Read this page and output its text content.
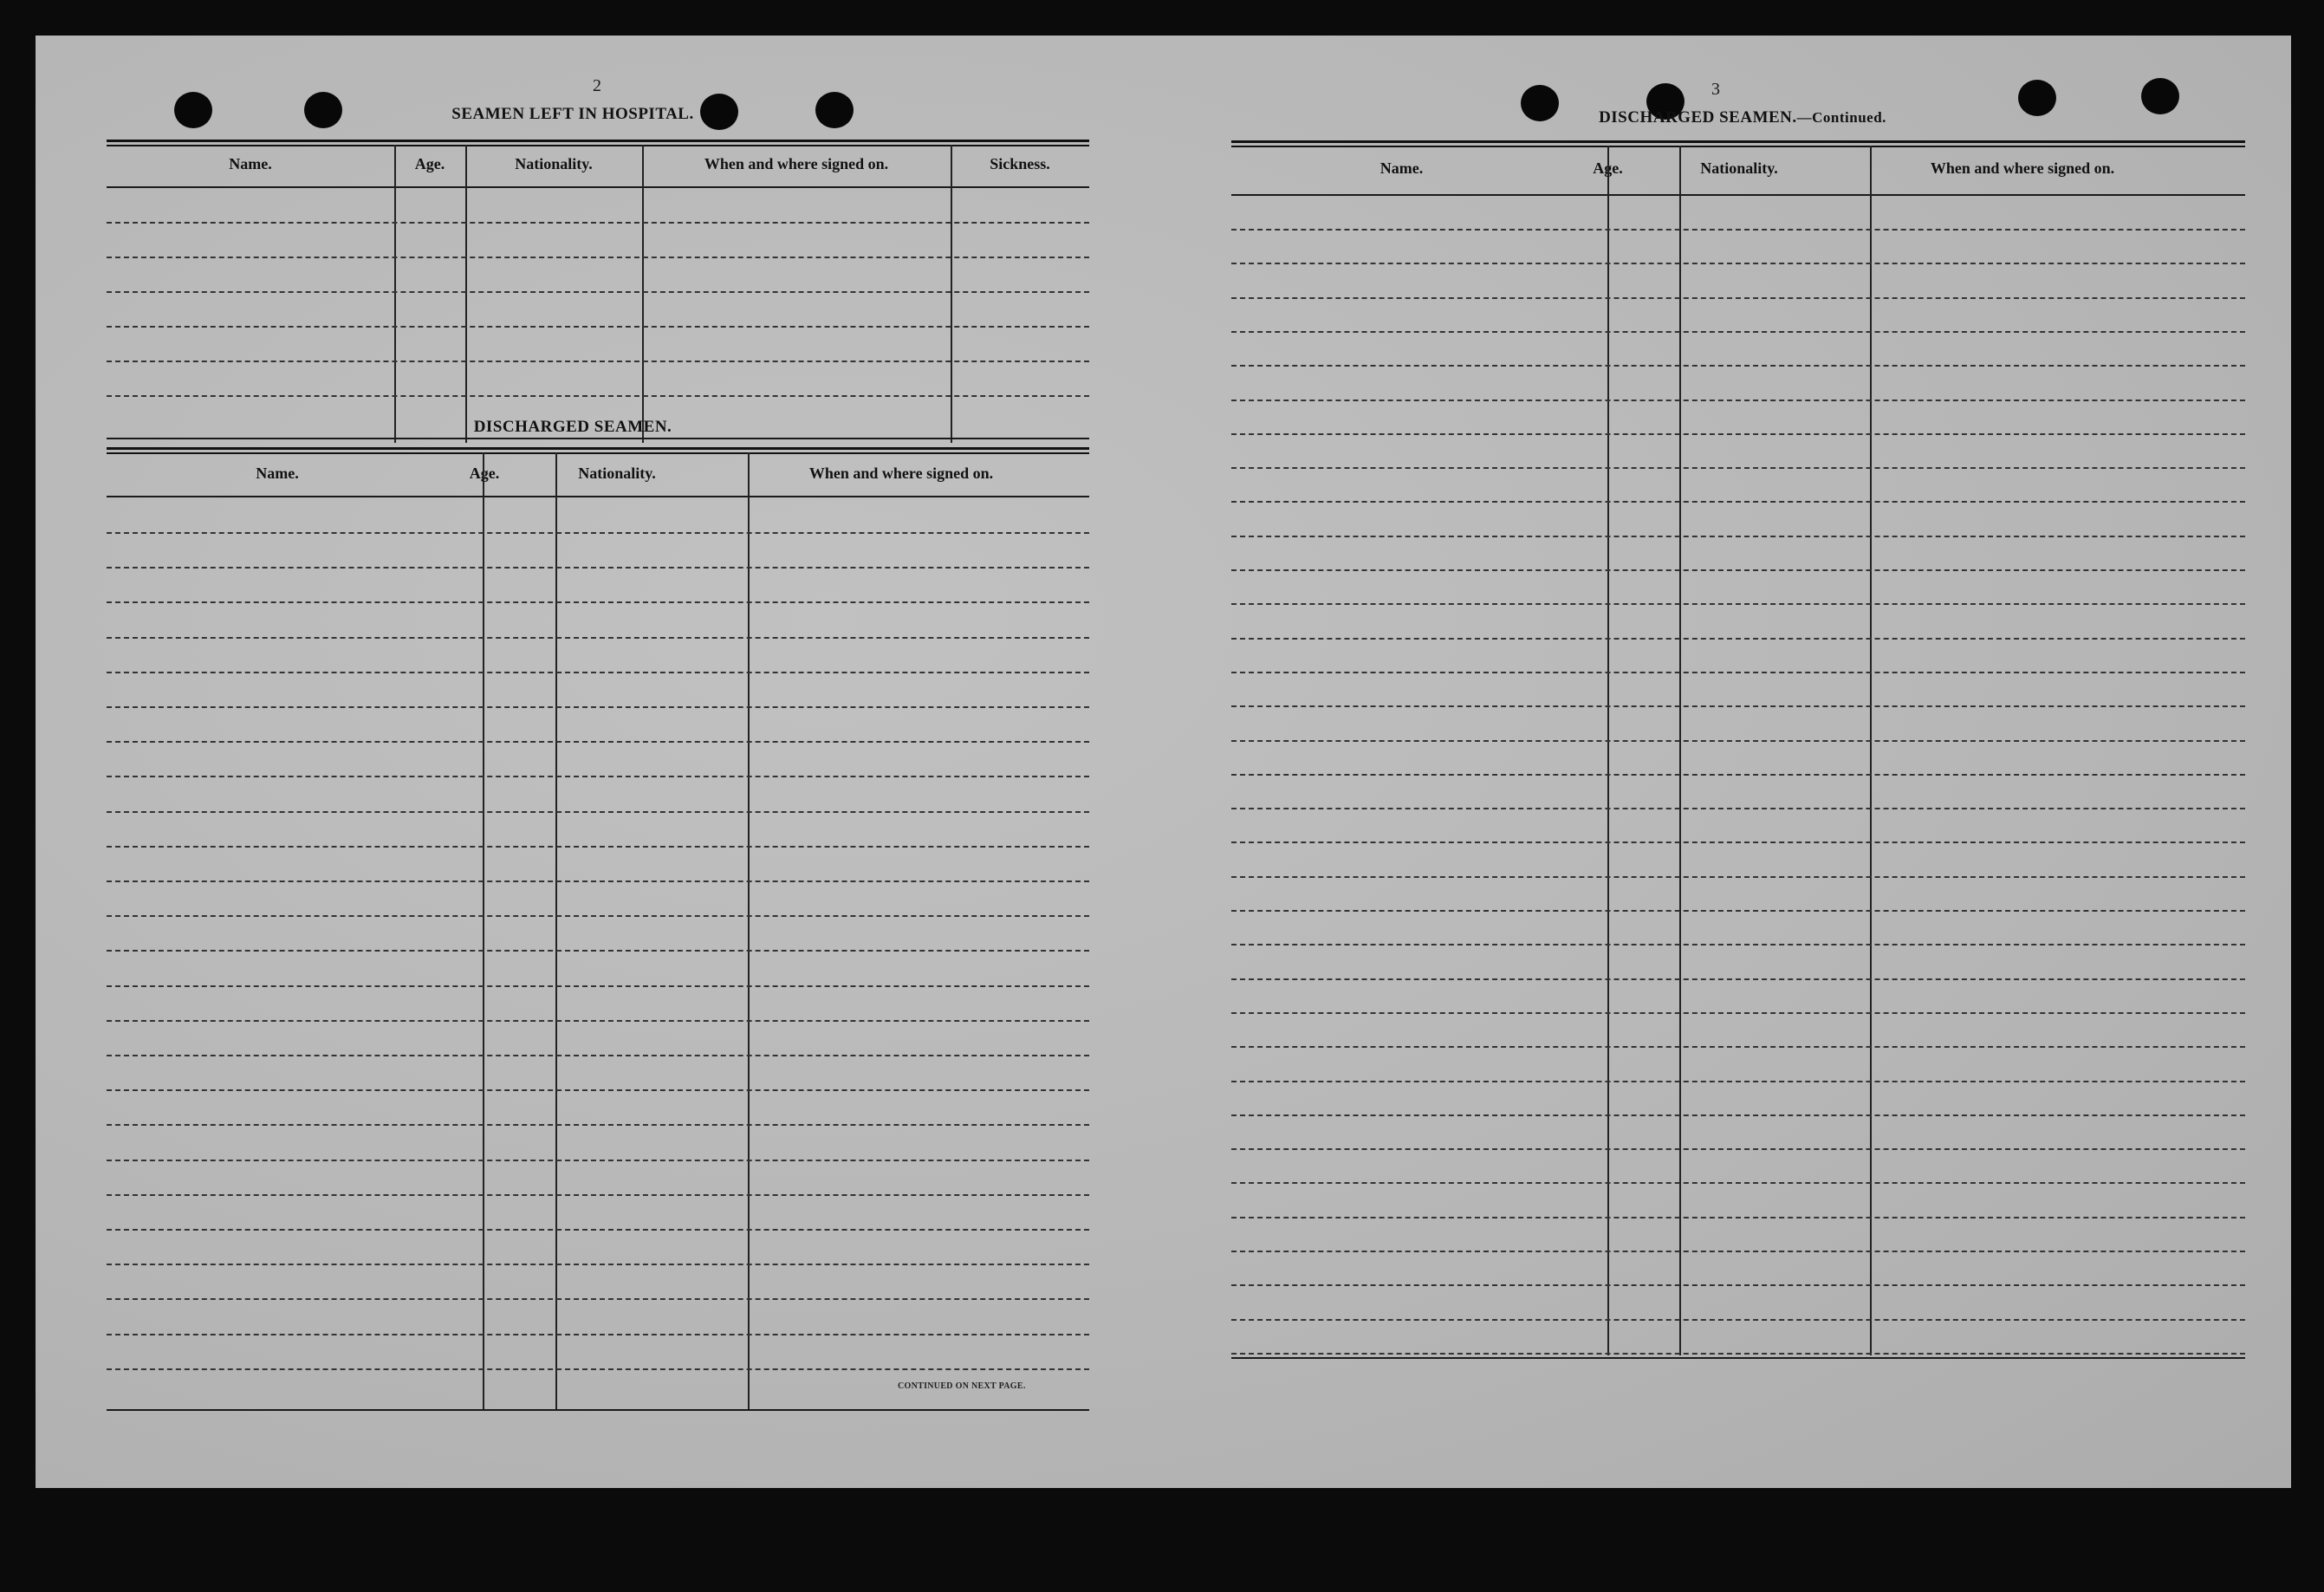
2	3
SEAMEN LEFT IN HOSPITAL.
Name.	Age.	Nationality.	When and where signed on.	Sickness.
DISCHARGED SEAMEN.
Name.	Age.	Nationality.	When and where signed on.
CONTINUED ON NEXT PAGE.
DISCHARGED SEAMEN.—Continued.
Name.	Age.	Nationality.	When and where signed on.
